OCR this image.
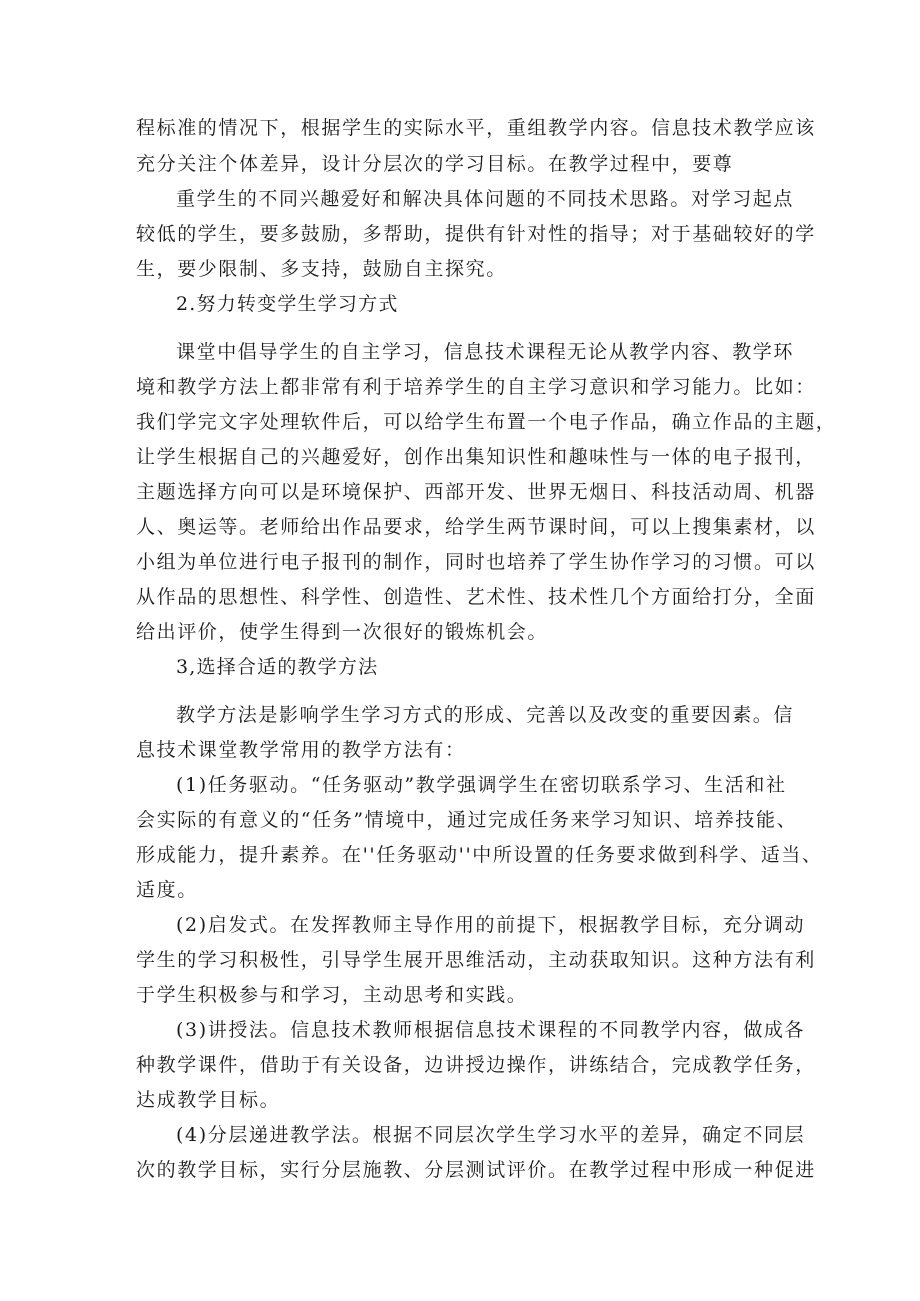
程标准的情况下，根据学生的实际水平，重组教学内容。信息技术教学应该
充分关注个体差异，设计分层次的学习目标。在教学过程中，要尊
重学生的不同兴趣爱好和解决具体问题的不同技术思路。对学习起点
较低的学生，要多鼓励，多帮助，提供有针对性的指导；对于基础较好的学
生，要少限制、多支持，鼓励自主探究。
2.努力转变学生学习方式
课堂中倡导学生的自主学习，信息技术课程无论从教学内容、教学环
境和教学方法上都非常有利于培养学生的自主学习意识和学习能力。比如：
我们学完文字处理软件后，可以给学生布置一个电子作品，确立作品的主题，
让学生根据自己的兴趣爱好，创作出集知识性和趣味性与一体的电子报刊，
主题选择方向可以是环境保护、西部开发、世界无烟日、科技活动周、机器
人、奥运等。老师给出作品要求，给学生两节课时间，可以上搜集素材，以
小组为单位进行电子报刊的制作，同时也培养了学生协作学习的习惯。可以
从作品的思想性、科学性、创造性、艺术性、技术性几个方面给打分，全面
给出评价，使学生得到一次很好的锻炼机会。
3,选择合适的教学方法
教学方法是影响学生学习方式的形成、完善以及改变的重要因素。信
息技术课堂教学常用的教学方法有：
(1)任务驱动。“任务驱动”教学强调学生在密切联系学习、生活和社
会实际的有意义的“任务”情境中，通过完成任务来学习知识、培养技能、
形成能力，提升素养。在''任务驱动''中所设置的任务要求做到科学、适当、
适度。
(2)启发式。在发挥教师主导作用的前提下，根据教学目标，充分调动
学生的学习积极性，引导学生展开思维活动，主动获取知识。这种方法有利
于学生积极参与和学习，主动思考和实践。
(3)讲授法。信息技术教师根据信息技术课程的不同教学内容，做成各
种教学课件，借助于有关设备，边讲授边操作，讲练结合，完成教学任务，
达成教学目标。
(4)分层递进教学法。根据不同层次学生学习水平的差异，确定不同层
次的教学目标，实行分层施教、分层测试评价。在教学过程中形成一种促进
